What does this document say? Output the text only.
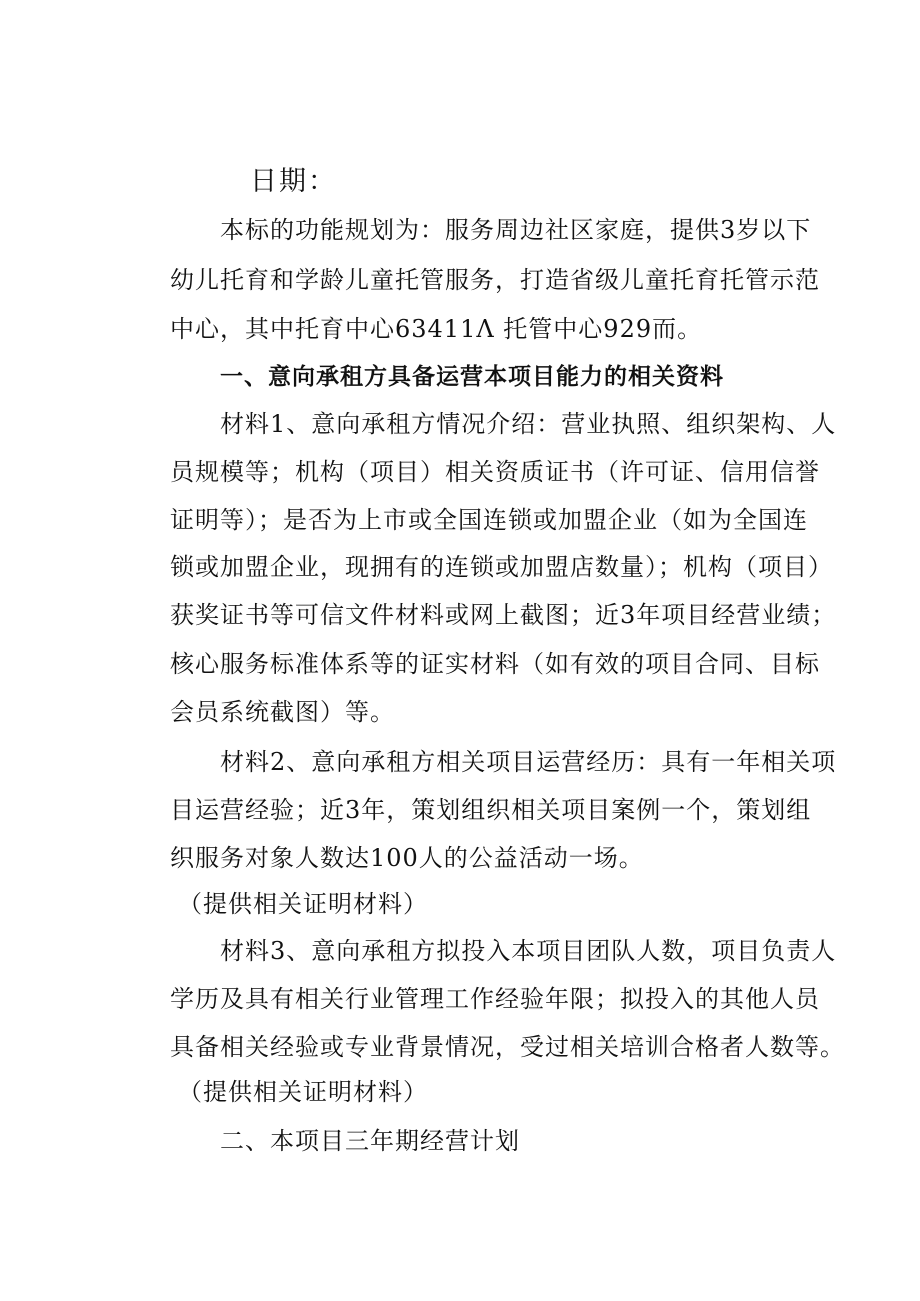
日期：
本标的功能规划为：服务周边社区家庭，提供3岁以下
幼儿托育和学龄儿童托管服务，打造省级儿童托育托管示范
中心，其中托育中心63411Λ 托管中心929而。
一、意向承租方具备运营本项目能力的相关资料
材料1、意向承租方情况介绍：营业执照、组织架构、人
员规模等；机构（项目）相关资质证书（许可证、信用信誉
证明等）；是否为上市或全国连锁或加盟企业（如为全国连
锁或加盟企业，现拥有的连锁或加盟店数量）；机构（项目）
获奖证书等可信文件材料或网上截图；近3年项目经营业绩；
核心服务标准体系等的证实材料（如有效的项目合同、目标
会员系统截图）等。
材料2、意向承租方相关项目运营经历：具有一年相关项
目运营经验；近3年，策划组织相关项目案例一个，策划组
织服务对象人数达100人的公益活动一场。
（提供相关证明材料）
材料3、意向承租方拟投入本项目团队人数，项目负责人
学历及具有相关行业管理工作经验年限；拟投入的其他人员
具备相关经验或专业背景情况，受过相关培训合格者人数等。
（提供相关证明材料）
二、本项目三年期经营计划
